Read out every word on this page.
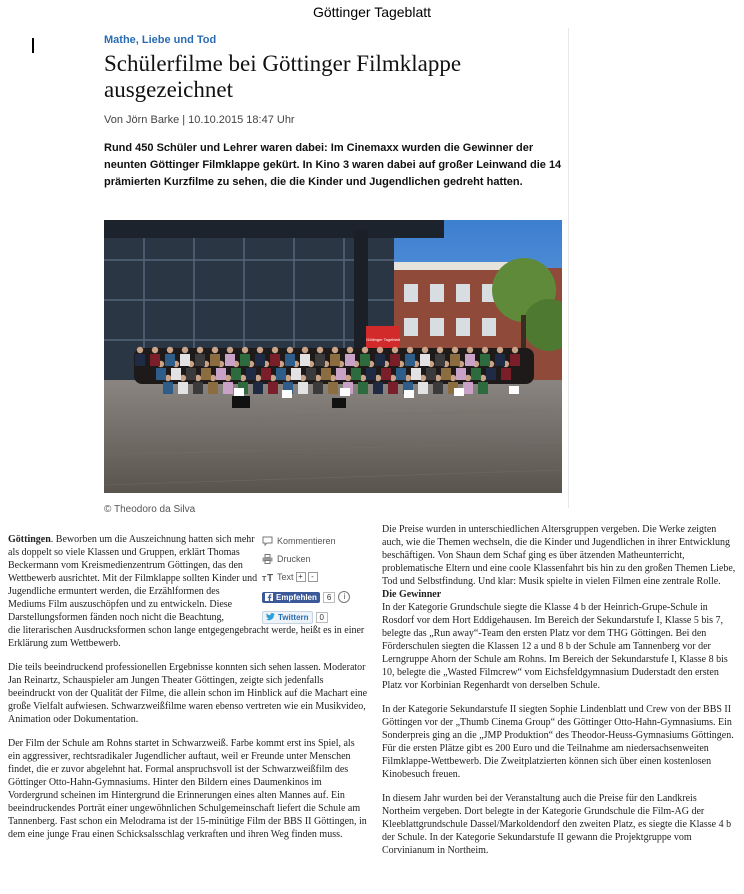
Göttinger Tageblatt
Mathe, Liebe und Tod
Schülerfilme bei Göttinger Filmklappe ausgezeichnet
Von Jörn Barke | 10.10.2015 18:47 Uhr

Rund 450 Schüler und Lehrer waren dabei: Im Cinemaxx wurden die Gewinner der neunten Göttinger Filmklappe gekürt. In Kino 3 waren dabei auf großer Leinwand die 14 prämierten Kurzfilme zu sehen, die die Kinder und Jugendlichen gedreht hatten.

Göttinger Tageblatt
© Theodoro da Silva

Göttingen. Beworben um die Auszeichnung hatten sich mehr als doppelt so viele Klassen und Gruppen, erklärt Thomas Beckermann vom Kreismedienzentrum Göttingen, das den Wettbewerb ausrichtet. Mit der Filmklappe sollten Kinder und Jugendliche ermuntert werden, die Erzählformen des Mediums Film auszuschöpfen und zu entwickeln. Diese Darstellungsformen fänden noch nicht die Beachtung,
die literarischen Ausdrucksformen schon lange entgegengebracht werde, heißt es in einer Erklärung zum Wettbewerb.

Die teils beeindruckend professionellen Ergebnisse konnten sich sehen lassen. Moderator Jan Reinartz, Schauspieler am Jungen Theater Göttingen, zeigte sich jedenfalls beeindruckt von der Qualität der Filme, die allein schon im Hinblick auf die Machart eine große Vielfalt aufwiesen. Schwarzweißfilme waren ebenso vertreten wie ein Musikvideo, Animation oder Dokumentation.

Der Film der Schule am Rohns startet in Schwarzweiß. Farbe kommt erst ins Spiel, als ein aggressiver, rechtsradikaler Jugendlicher auftaut, weil er Freunde unter Menschen findet, die er zuvor abgelehnt hat. Formal anspruchsvoll ist der Schwarzweißfilm des Göttinger Otto-Hahn-Gymnasiums. Hinter den Bildern eines Daumenkinos im Vordergrund scheinen im Hintergrund die Erinnerungen eines alten Mannes auf. Ein beeindruckendes Porträt einer ungewöhnlichen Schulgemeinschaft liefert die Schule am Tannenberg. Fast schon ein Melodrama ist der 15-minütige Film der BBS II Göttingen, in dem eine junge Frau einen Schicksalsschlag verkraften und ihren Weg finden muss.

Kommentieren
Drucken
T T Text +	-
Empfehlen	6	i
Twittern	0

Die Preise wurden in unterschiedlichen Altersgruppen vergeben. Die Werke zeigten auch, wie die Themen wechseln, die die Kinder und Jugendlichen in ihrer Entwicklung beschäftigen. Von Shaun dem Schaf ging es über ätzenden Matheunterricht, problematische Eltern und eine coole Klassenfahrt bis hin zu den großen Themen Liebe, Tod und Selbstfindung. Und klar: Musik spielte in vielen Filmen eine zentrale Rolle.

Die Gewinner

In der Kategorie Grundschule siegte die Klasse 4 b der Heinrich-Grupe-Schule in Rosdorf vor dem Hort Eddigehausen. Im Bereich der Sekundarstufe I, Klasse 5 bis 7, belegte das „Run away“-Team den ersten Platz vor dem THG Göttingen. Bei den Förderschulen siegten die Klassen 12 a und 8 b der Schule am Tannenberg vor der Lerngruppe Ahorn der Schule am Rohns. Im Bereich der Sekundarstufe I, Klasse 8 bis 10, belegte die „Wasted Filmcrew“ vom Eichsfeldgymnasium Duderstadt den ersten Platz vor Korbinian Regenhardt von derselben Schule.

In der Kategorie Sekundarstufe II siegten Sophie Lindenblatt und Crew von der BBS II Göttingen vor der „Thumb Cinema Group“ des Göttinger Otto-Hahn-Gymnasiums. Ein Sonderpreis ging an die „JMP Produktion“ des Theodor-Heuss-Gymnasiums Göttingen. Für die ersten Plätze gibt es 200 Euro und die Teilnahme am niedersachsenweiten Filmklappe-Wettbewerb. Die Zweitplatzierten können sich über einen kostenlosen Kinobesuch freuen.

In diesem Jahr wurden bei der Veranstaltung auch die Preise für den Landkreis Northeim vergeben. Dort belegte in der Kategorie Grundschule die Film-AG der Kleeblattgrundschule Dassel/Markoldendorf den zweiten Platz, es siegte die Klasse 4 b der Schule. In der Kategorie Sekundarstufe II gewann die Projektgruppe vom Corvinianum in Northeim.
